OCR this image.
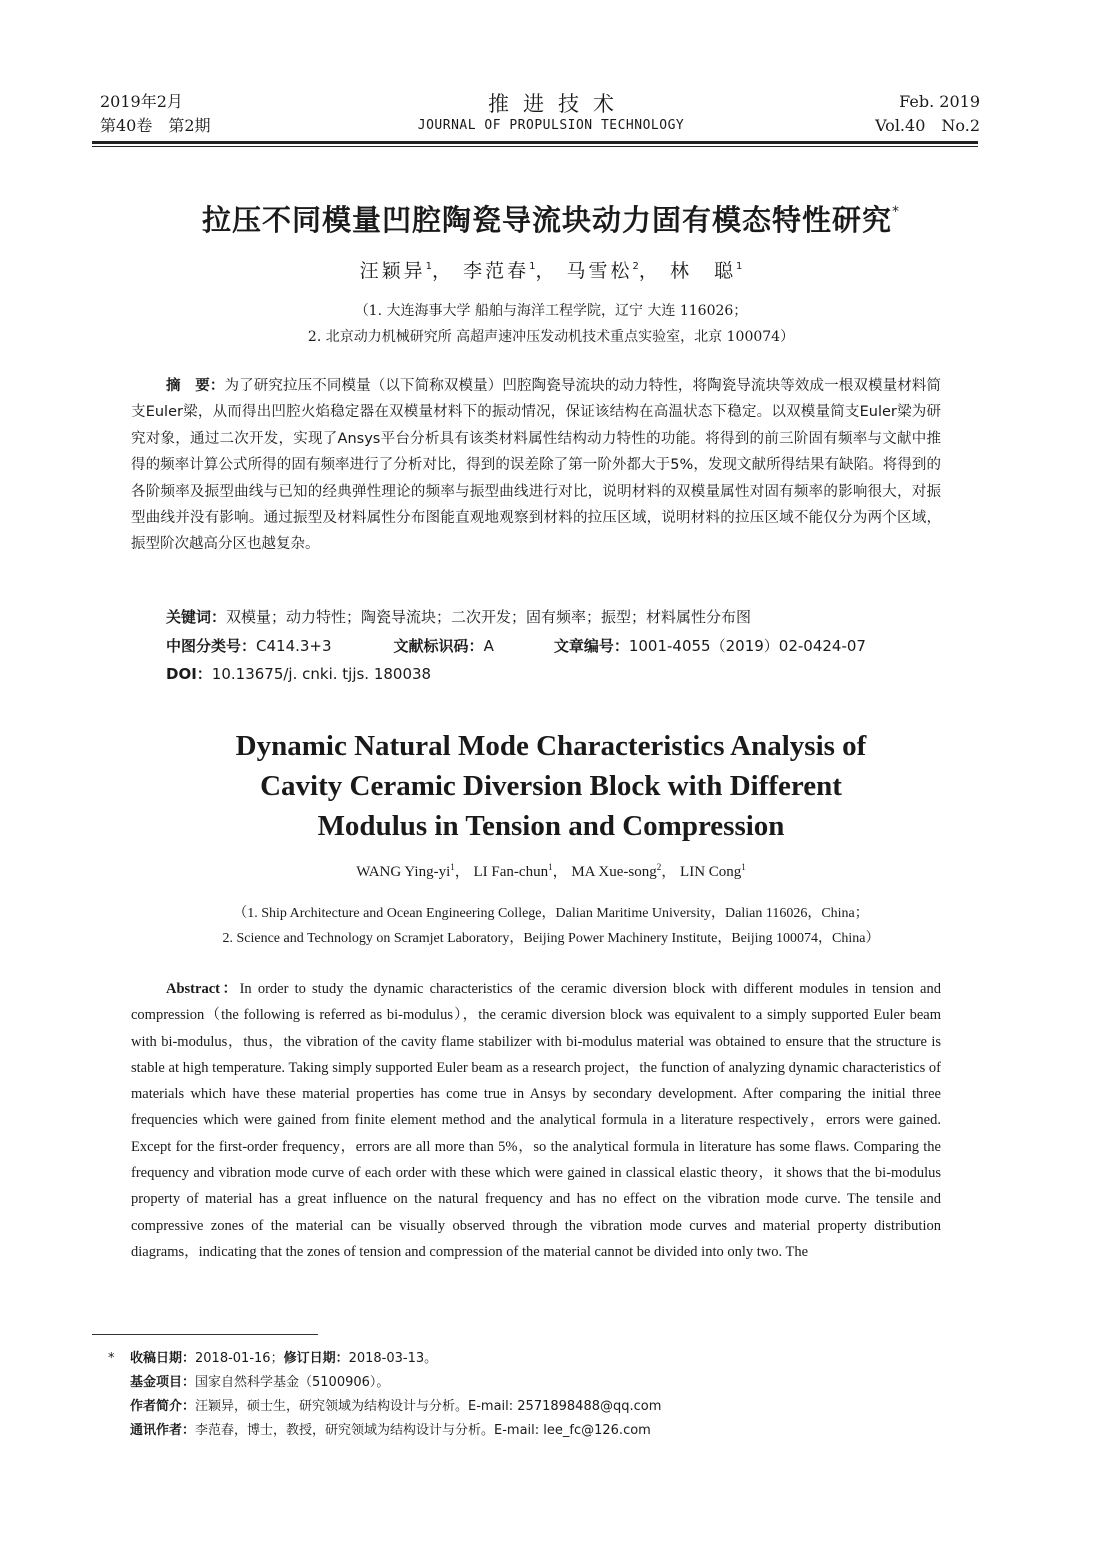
2019年2月
第40卷　第2期
推进技术
JOURNAL OF PROPULSION TECHNOLOGY
Feb. 2019
Vol.40　No.2
拉压不同模量凹腔陶瓷导流块动力固有模态特性研究*
汪颖异$^1$， 李范春$^1$， 马雪松$^2$， 林　聪$^1$
（1. 大连海事大学 船舶与海洋工程学院，辽宁 大连 116026；
2. 北京动力机械研究所 高超声速冲压发动机技术重点实验室，北京 100074）
摘　要：为了研究拉压不同模量（以下简称双模量）凹腔陶瓷导流块的动力特性，将陶瓷导流块等效成一根双模量材料简支Euler梁，从而得出凹腔火焰稳定器在双模量材料下的振动情况，保证该结构在高温状态下稳定。以双模量简支Euler梁为研究对象，通过二次开发，实现了Ansys平台分析具有该类材料属性结构动力特性的功能。将得到的前三阶固有频率与文献中推得的频率计算公式所得的固有频率进行了分析对比，得到的误差除了第一阶外都大于5%，发现文献所得结果有缺陷。将得到的各阶频率及振型曲线与已知的经典弹性理论的频率与振型曲线进行对比，说明材料的双模量属性对固有频率的影响很大，对振型曲线并没有影响。通过振型及材料属性分布图能直观地观察到材料的拉压区域，说明材料的拉压区域不能仅分为两个区域，振型阶次越高分区也越复杂。
关键词：双模量；动力特性；陶瓷导流块；二次开发；固有频率；振型；材料属性分布图
中图分类号：C414.3+3	文献标识码：A	文章编号：1001-4055（2019）02-0424-07
DOI：10.13675/j. cnki. tjjs. 180038
Dynamic Natural Mode Characteristics Analysis of
Cavity Ceramic Diversion Block with Different
Modulus in Tension and Compression
WANG Ying-$yi^1$， LI Fan-chun$^1$， MA Xue-song$^2$， LIN Cong$^1$
（1. Ship Architecture and Ocean Engineering College，Dalian Maritime University，Dalian 116026，China；
2. Science and Technology on Scramjet Laboratory，Beijing Power Machinery Institute，Beijing 100074，China）
Abstract：In order to study the dynamic characteristics of the ceramic diversion block with different modules in tension and compression（the following is referred as bi-modulus），the ceramic diversion block was equivalent to a simply supported Euler beam with bi-modulus，thus，the vibration of the cavity flame stabilizer with bi-modulus material was obtained to ensure that the structure is stable at high temperature. Taking simply supported Euler beam as a research project，the function of analyzing dynamic characteristics of materials which have these material properties has come true in Ansys by secondary development. After comparing the initial three frequencies which were gained from finite element method and the analytical formula in a literature respectively，errors were gained. Except for the first-order frequency，errors are all more than 5%，so the analytical formula in literature has some flaws. Comparing the frequency and vibration mode curve of each order with these which were gained in classical elastic theory，it shows that the bi-modulus property of material has a great influence on the natural frequency and has no effect on the vibration mode curve. The tensile and compressive zones of the material can be visually observed through the vibration mode curves and material property distribution diagrams，indicating that the zones of tension and compression of the material cannot be divided into only two. The
* 收稿日期：2018-01-16；修订日期：2018-03-13。
基金项目：国家自然科学基金（5100906）。
作者简介：汪颖异，硕士生，研究领域为结构设计与分析。E-mail: 2571898488@qq.com
通讯作者：李范春，博士，教授，研究领域为结构设计与分析。E-mail: lee_fc@126.com
